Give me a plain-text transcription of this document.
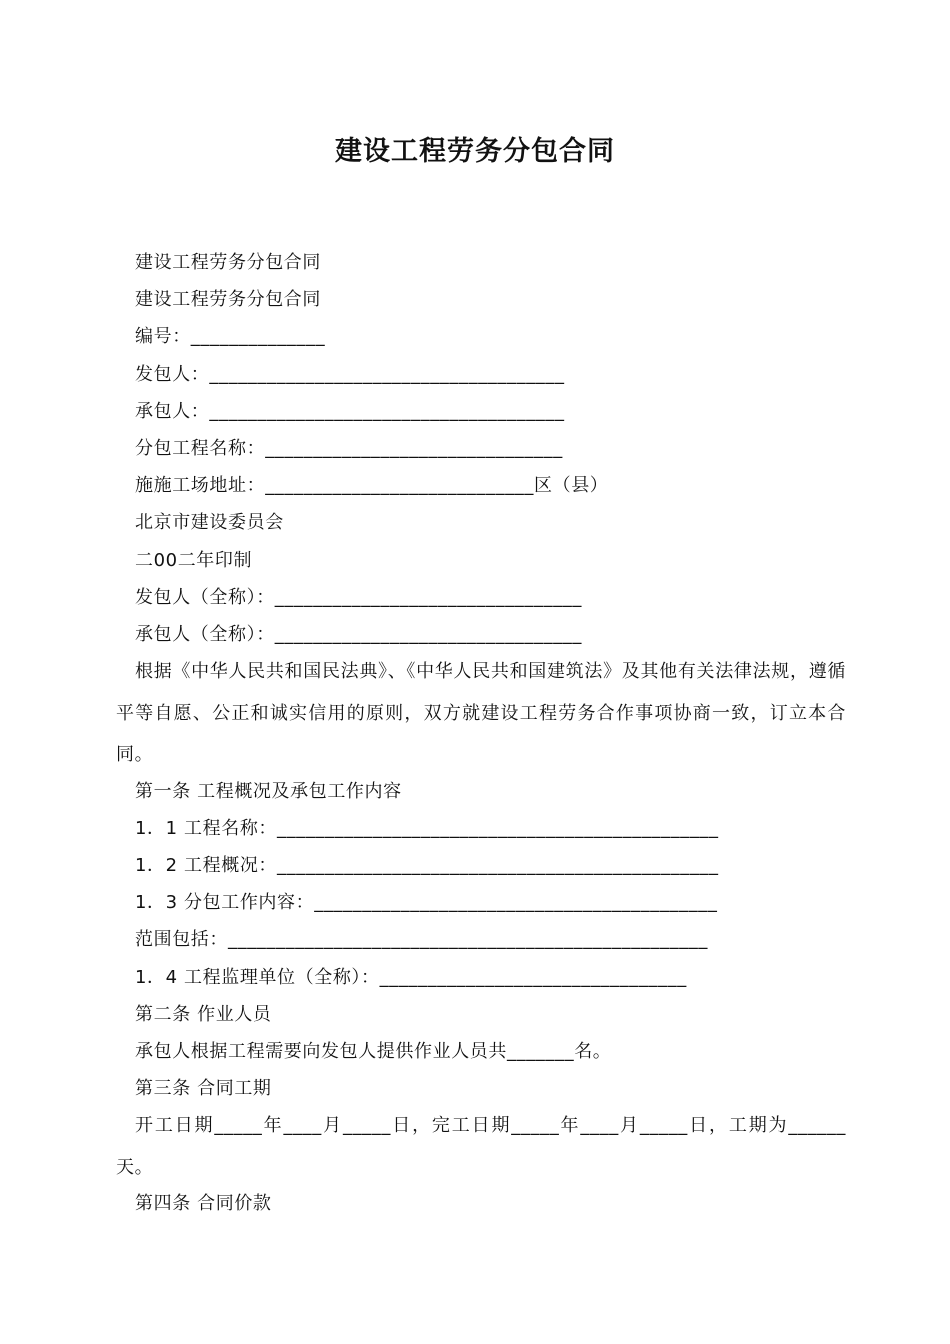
建设工程劳务分包合同
建设工程劳务分包合同
建设工程劳务分包合同
编号：______________
发包人：_____________________________________
承包人：_____________________________________
分包工程名称：_______________________________
施施工场地址：____________________________区（县）
北京市建设委员会
二00二年印制
发包人（全称）：________________________________
承包人（全称）：________________________________
根据《中华人民共和国民法典》、《中华人民共和国建筑法》及其他有关法律法规，遵循平等自愿、公正和诚实信用的原则，双方就建设工程劳务合作事项协商一致，订立本合同。
第一条 工程概况及承包工作内容
1．1 工程名称：______________________________________________
1．2 工程概况：______________________________________________
1．3 分包工作内容：__________________________________________
范围包括：__________________________________________________
1．4 工程监理单位（全称）：________________________________
第二条 作业人员
承包人根据工程需要向发包人提供作业人员共_______名。
第三条 合同工期
开工日期_____年____月_____日，完工日期_____年____月_____日，工期为______天。
第四条 合同价款
